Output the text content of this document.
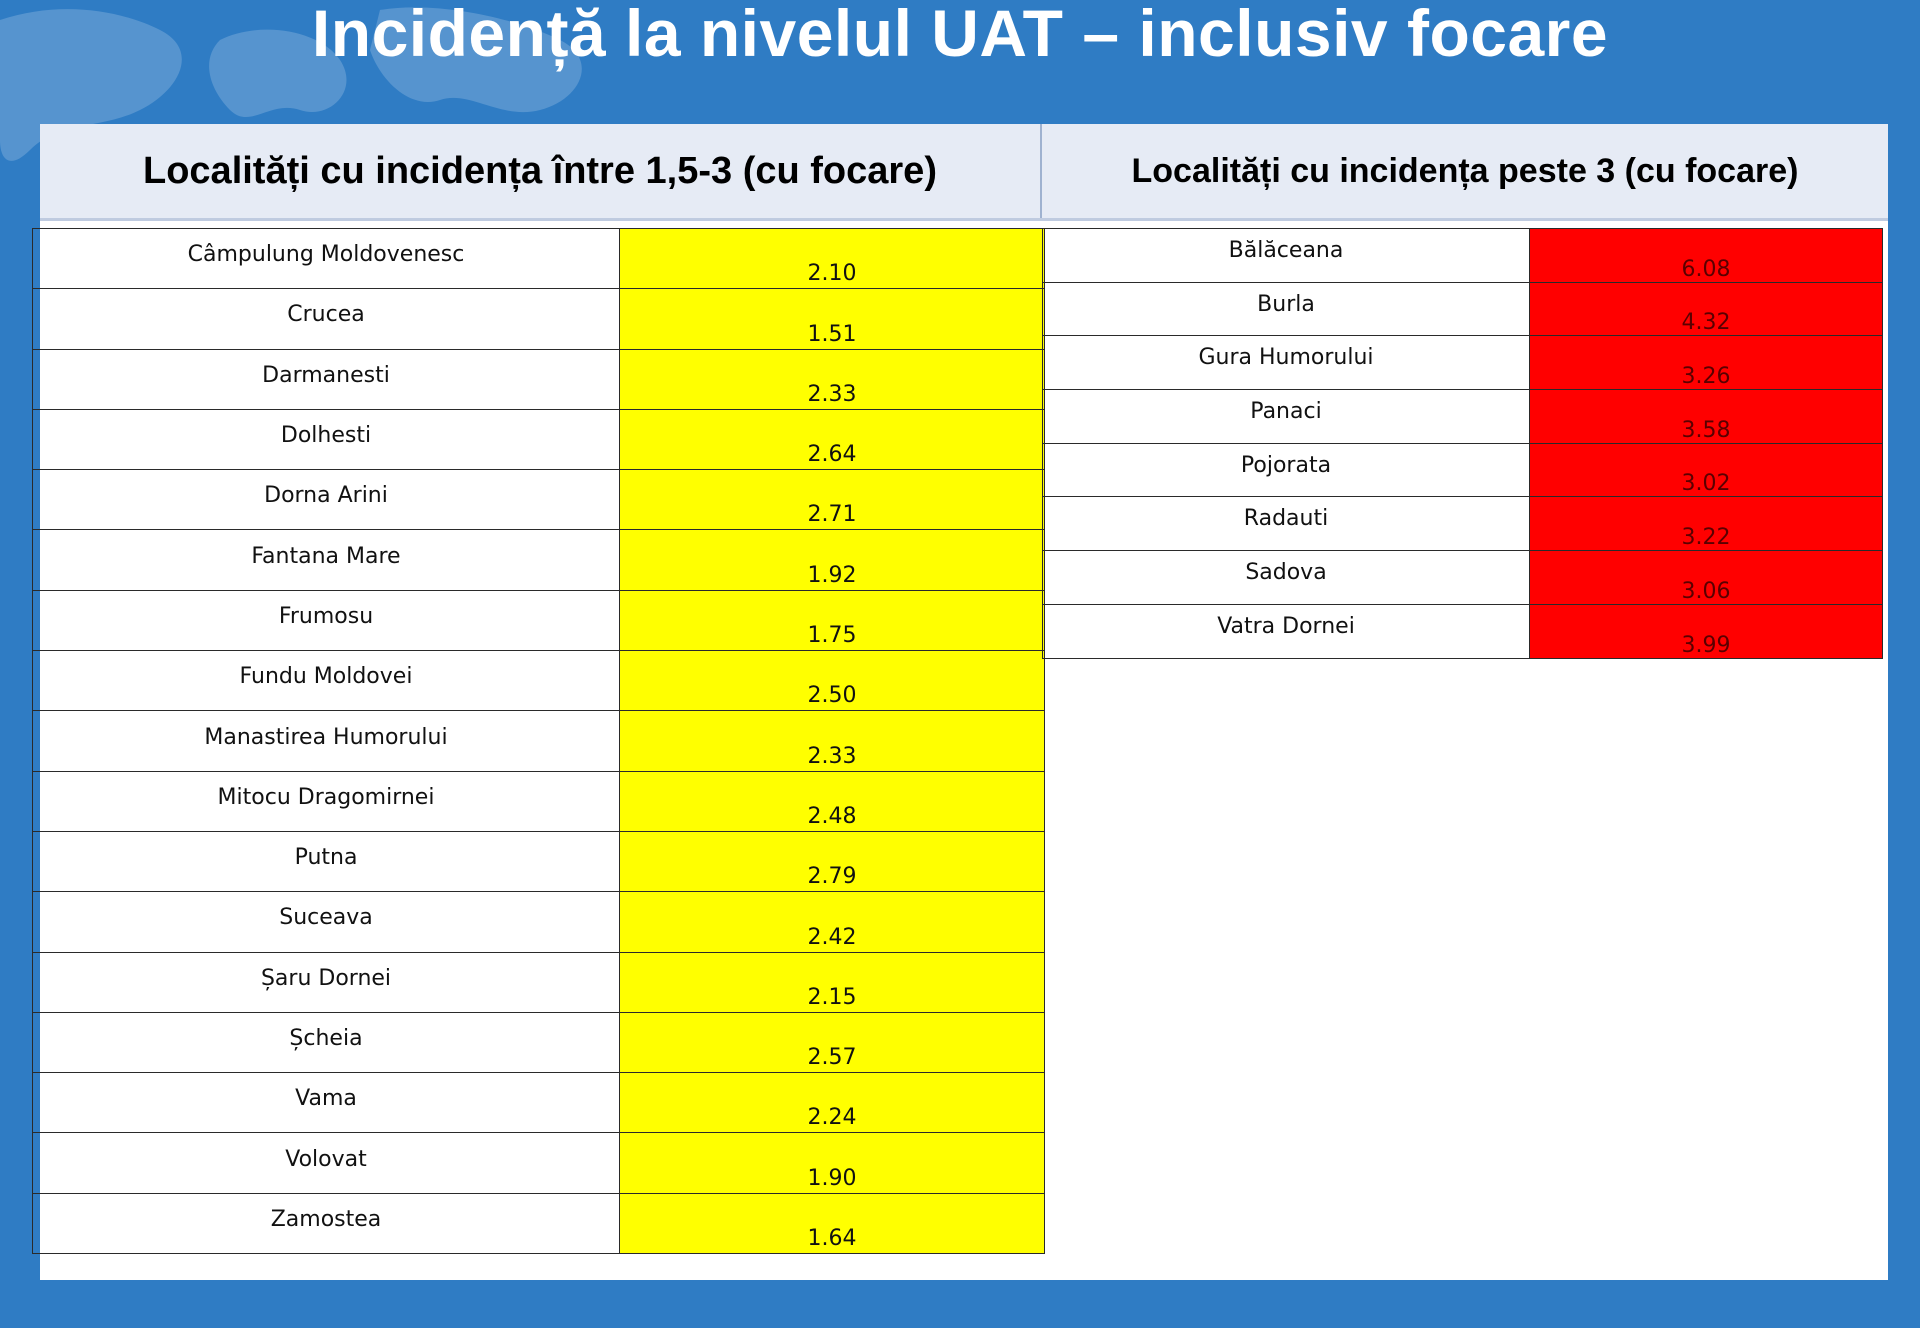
Incidență la nivelul UAT – inclusiv focare
Localități cu incidența între 1,5-3 (cu focare)	Localități cu incidența peste 3 (cu focare)
Câmpulung Moldovenesc	2.10
Crucea	1.51
Darmanesti	2.33
Dolhesti	2.64
Dorna Arini	2.71
Fantana Mare	1.92
Frumosu	1.75
Fundu Moldovei	2.50
Manastirea Humorului	2.33
Mitocu Dragomirnei	2.48
Putna	2.79
Suceava	2.42
Șaru Dornei	2.15
Șcheia	2.57
Vama	2.24
Volovat	1.90
Zamostea	1.64
Bălăceana	6.08
Burla	4.32
Gura Humorului	3.26
Panaci	3.58
Pojorata	3.02
Radauti	3.22
Sadova	3.06
Vatra Dornei	3.99
